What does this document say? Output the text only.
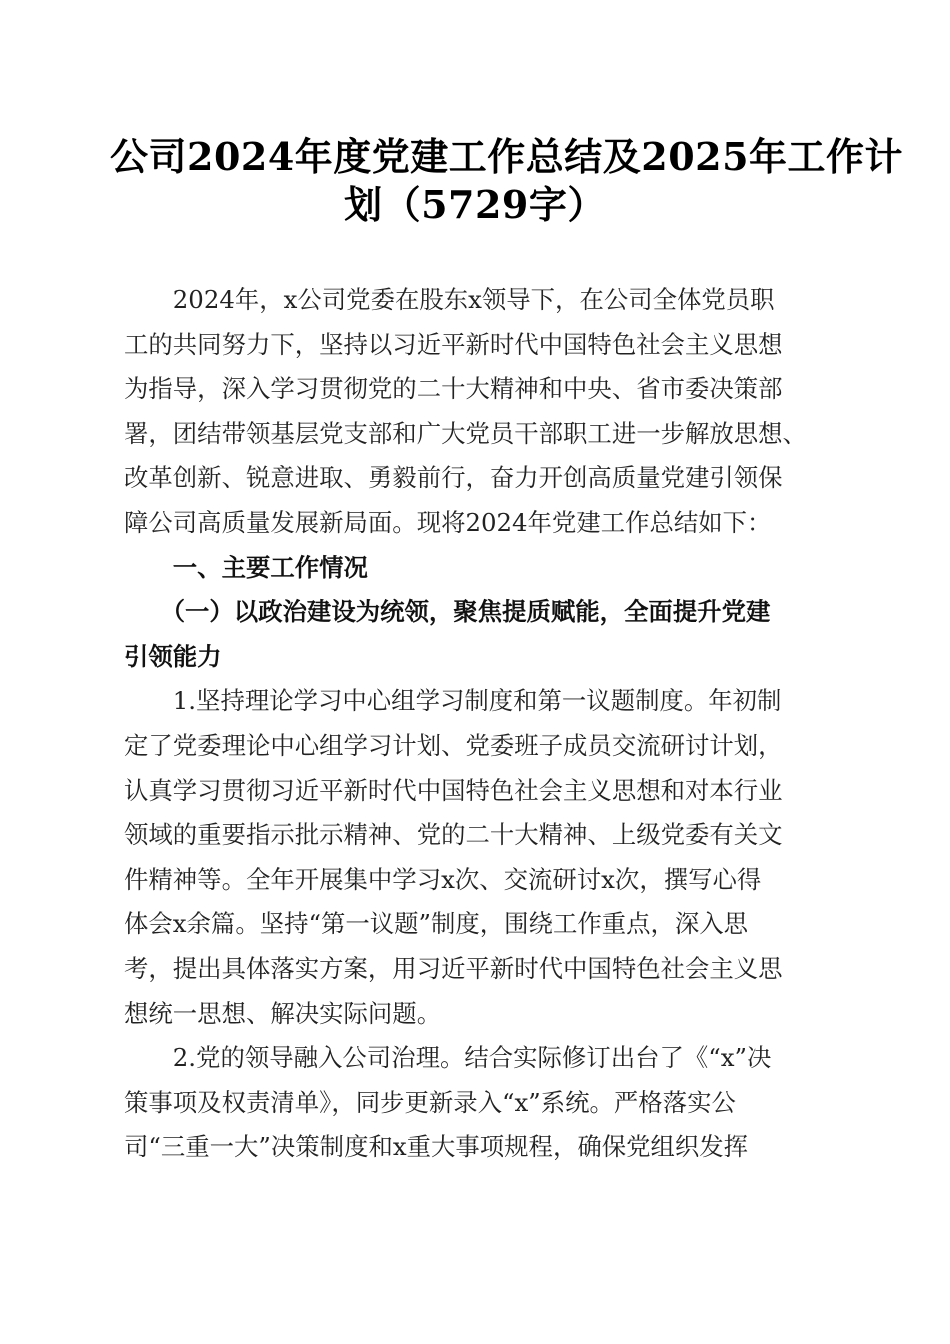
公司2024年度党建工作总结及2025年工作计
划（5729字）
　　2024年，x公司党委在股东x领导下，在公司全体党员职
工的共同努力下，坚持以习近平新时代中国特色社会主义思想
为指导，深入学习贯彻党的二十大精神和中央、省市委决策部
署，团结带领基层党支部和广大党员干部职工进一步解放思想、
改革创新、锐意进取、勇毅前行，奋力开创高质量党建引领保
障公司高质量发展新局面。现将2024年党建工作总结如下：
　　一、主要工作情况
　　（一）以政治建设为统领，聚焦提质赋能，全面提升党建
引领能力
　　1.坚持理论学习中心组学习制度和第一议题制度。年初制
定了党委理论中心组学习计划、党委班子成员交流研讨计划，
认真学习贯彻习近平新时代中国特色社会主义思想和对本行业
领域的重要指示批示精神、党的二十大精神、上级党委有关文
件精神等。全年开展集中学习x次、交流研讨x次，撰写心得
体会x余篇。坚持“第一议题”制度，围绕工作重点，深入思
考，提出具体落实方案，用习近平新时代中国特色社会主义思
想统一思想、解决实际问题。
　　2.党的领导融入公司治理。结合实际修订出台了《“x”决
策事项及权责清单》，同步更新录入“x”系统。严格落实公
司“三重一大”决策制度和x重大事项规程，确保党组织发挥
